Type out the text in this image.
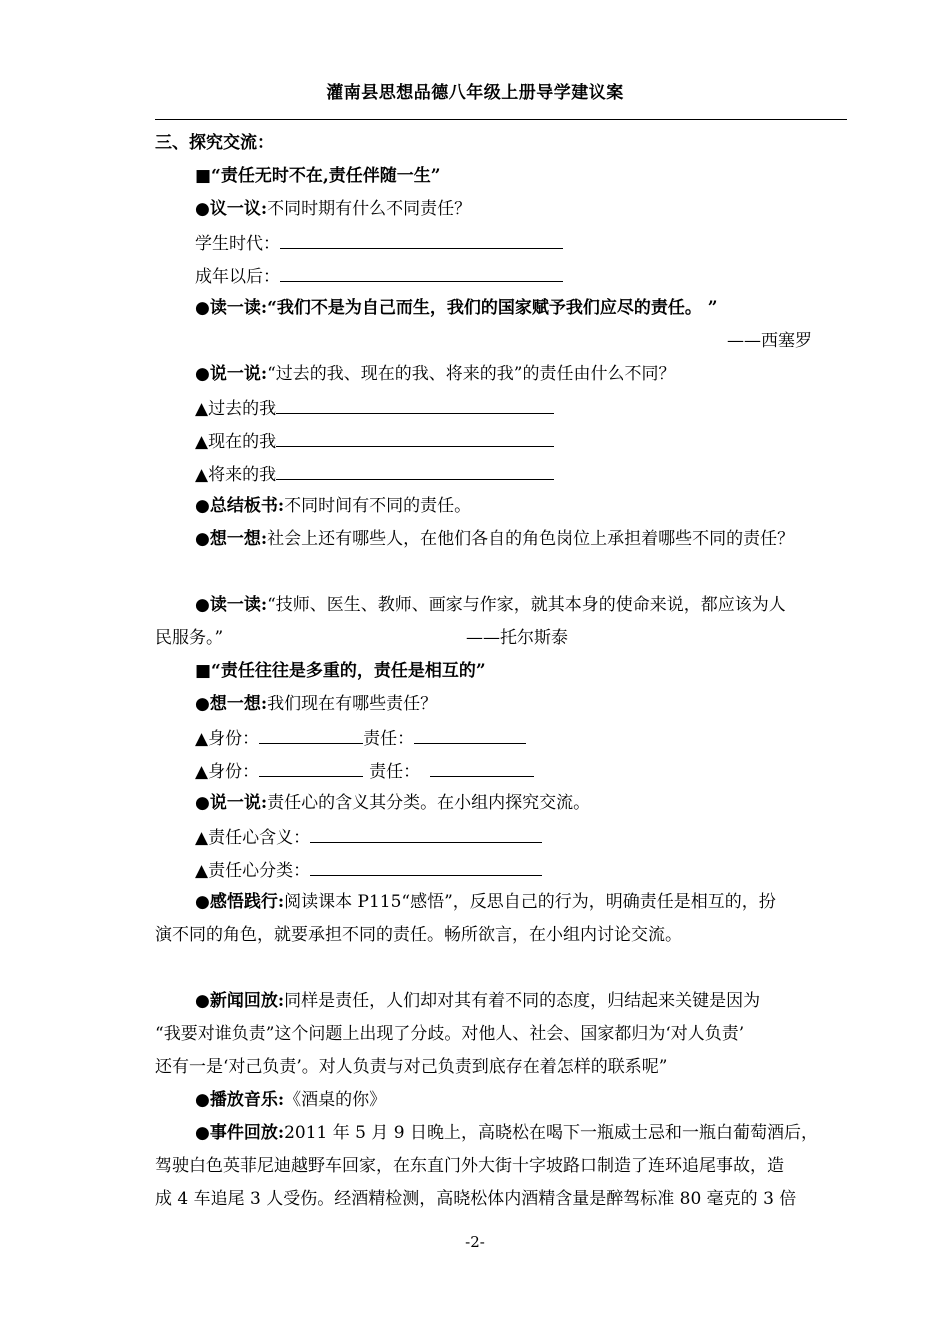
灌南县思想品德八年级上册导学建议案
三、探究交流：
■“责任无时不在,责任伴随一生”
●议一议:不同时期有什么不同责任？
学生时代：
成年以后：
●读一读:“我们不是为自己而生，我们的国家赋予我们应尽的责任。 ”
——西塞罗
●说一说:“过去的我、现在的我、将来的我”的责任由什么不同？
▲过去的我
▲现在的我
▲将来的我
●总结板书:不同时间有不同的责任。
●想一想:社会上还有哪些人，在他们各自的角色岗位上承担着哪些不同的责任？
●读一读:“技师、医生、教师、画家与作家，就其本身的使命来说，都应该为人
民服务。”	——托尔斯泰
■“责任往往是多重的，责任是相互的”
●想一想:我们现在有哪些责任？
▲身份：	责任：
▲身份：	责任：
●说一说:责任心的含义其分类。在小组内探究交流。
▲责任心含义：
▲责任心分类：
●感悟践行:阅读课本 P115“感悟”，反思自己的行为，明确责任是相互的，扮
演不同的角色，就要承担不同的责任。畅所欲言，在小组内讨论交流。
●新闻回放:同样是责任，人们却对其有着不同的态度，归结起来关键是因为
“我要对谁负责”这个问题上出现了分歧。对他人、社会、国家都归为‘对人负责’
还有一是‘对己负责’。对人负责与对己负责到底存在着怎样的联系呢”
●播放音乐:《酒桌的你》
●事件回放:2011 年 5 月 9 日晚上，高晓松在喝下一瓶威士忌和一瓶白葡萄酒后，
驾驶白色英菲尼迪越野车回家，在东直门外大街十字坡路口制造了连环追尾事故，造
成 4 车追尾 3 人受伤。经酒精检测，高晓松体内酒精含量是醉驾标准 80 毫克的 3 倍
-2-
